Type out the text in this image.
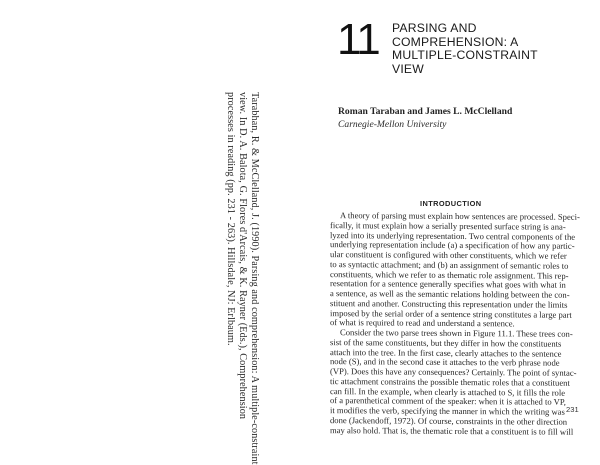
Tarabhan, R. & McClelland, J. (1990). Parsing and comprehension: A multiple-constraint
view. In D. A. Balota, G. Flores d'Arcais, & K. Rayner (Eds.), Comprehension
processes in reading (pp. 231 - 263). Hillsdale, NJ: Erlbaum.
11 PARSING AND
COMPREHENSION: A
MULTIPLE-CONSTRAINT
VIEW
Roman Taraban and James L. McClelland
Carnegie-Mellon University
INTRODUCTION
A theory of parsing must explain how sentences are processed. Speci-
fically, it must explain how a serially presented surface string is ana-
lyzed into its underlying representation. Two central components of the
underlying representation include (a) a specification of how any partic-
ular constituent is configured with other constituents, which we refer
to as syntactic attachment; and (b) an assignment of semantic roles to
constituents, which we refer to as thematic role assignment. This rep-
resentation for a sentence generally specifies what goes with what in
a sentence, as well as the semantic relations holding between the con-
stituent and another. Constructing this representation under the limits
imposed by the serial order of a sentence string constitutes a large part
of what is required to read and understand a sentence.
Consider the two parse trees shown in Figure 11.1. These trees con-
sist of the same constituents, but they differ in how the constituents
attach into the tree. In the first case, clearly attaches to the sentence
node (S), and in the second case it attaches to the verb phrase node
(VP). Does this have any consequences? Certainly. The point of syntac-
tic attachment constrains the possible thematic roles that a constituent
can fill. In the example, when clearly is attached to S, it fills the role
of a parenthetical comment of the speaker: when it is attached to VP,
it modifies the verb, specifying the manner in which the writing was
done (Jackendoff, 1972). Of course, constraints in the other direction
may also hold. That is, the thematic role that a constituent is to fill will
231
